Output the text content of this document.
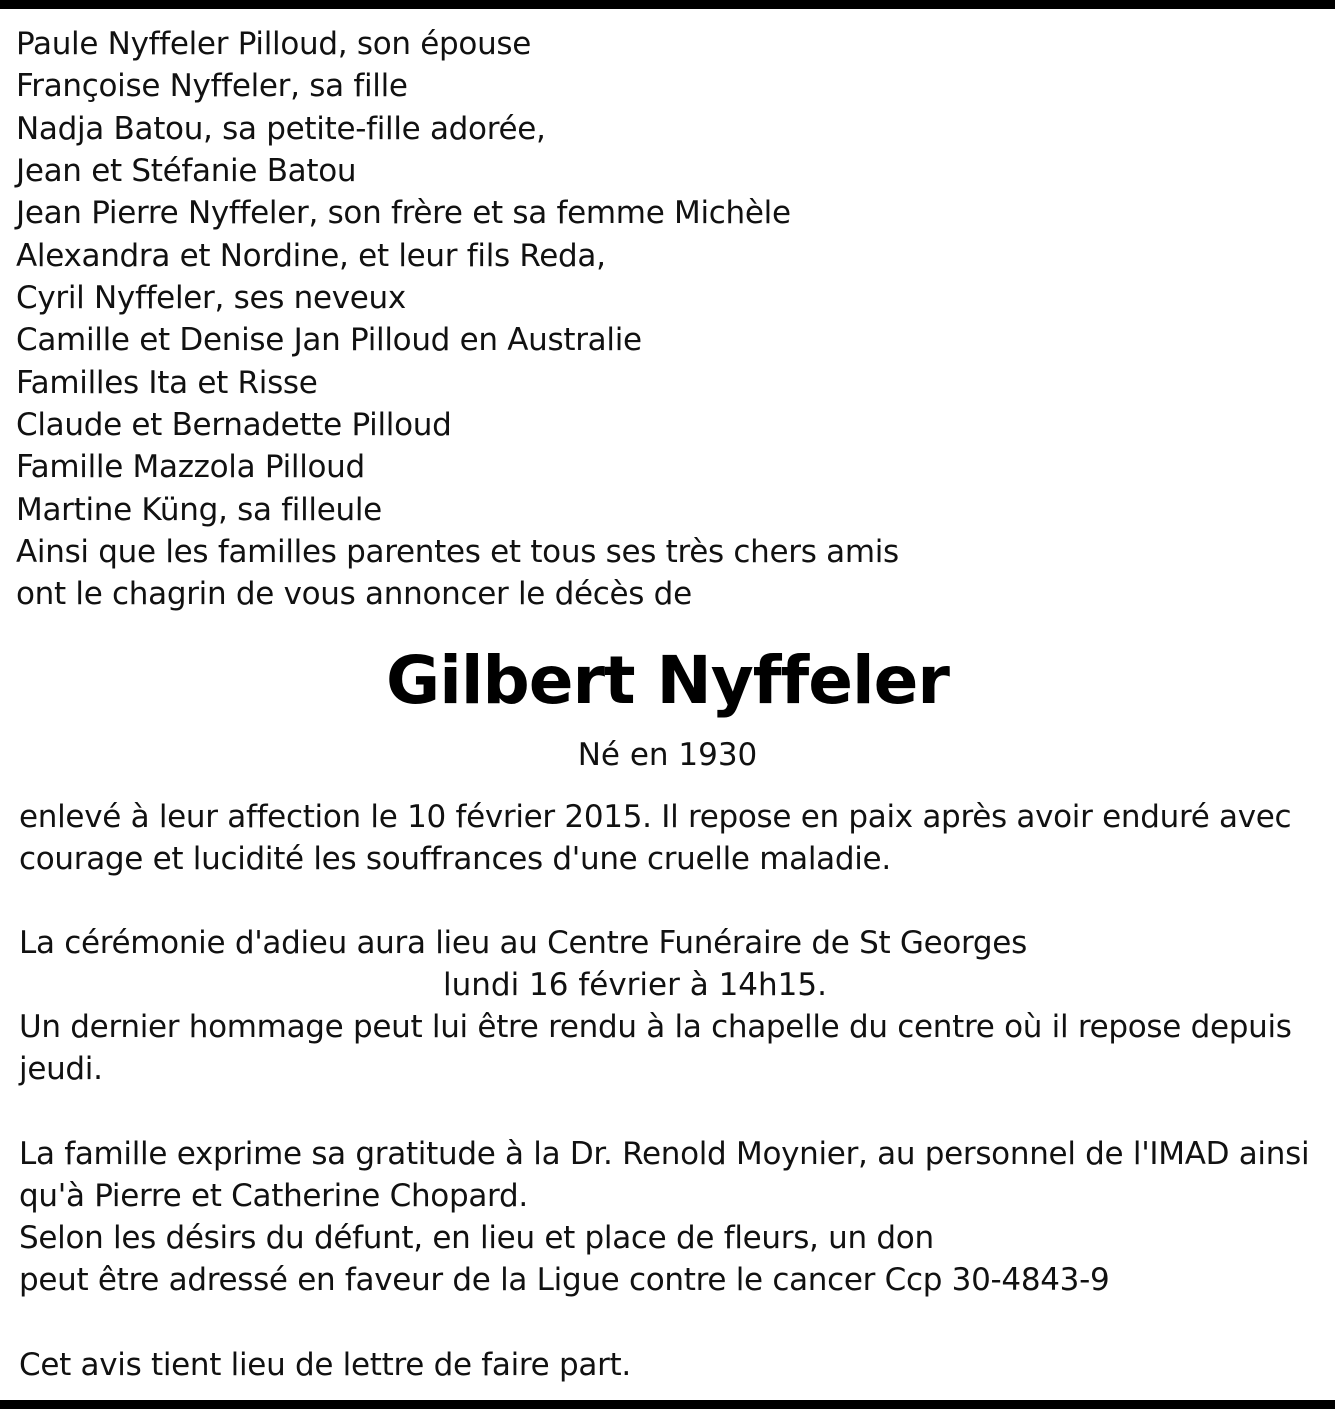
Paule Nyffeler Pilloud, son épouse
Françoise Nyffeler, sa fille
Nadja Batou, sa petite-fille adorée,
Jean et Stéfanie Batou
Jean Pierre Nyffeler, son frère et sa femme Michèle
Alexandra et Nordine, et leur fils Reda,
Cyril Nyffeler, ses neveux
Camille et Denise Jan Pilloud en Australie
Familles Ita et Risse
Claude et Bernadette Pilloud
Famille Mazzola Pilloud
Martine Küng, sa filleule
Ainsi que les familles parentes et tous ses très chers amis
ont le chagrin de vous annoncer le décès de
Gilbert Nyffeler
Né en 1930
enlevé à leur affection le 10 février 2015. Il repose en paix après avoir enduré avec
courage et lucidité les souffrances d'une cruelle maladie.
La cérémonie d'adieu aura lieu au Centre Funéraire de St Georges
lundi 16 février à 14h15.
Un dernier hommage peut lui être rendu à la chapelle du centre où il repose depuis
jeudi.
La famille exprime sa gratitude à la Dr. Renold Moynier, au personnel de l'IMAD ainsi
qu'à Pierre et Catherine Chopard.
Selon les désirs du défunt, en lieu et place de fleurs, un don
peut être adressé en faveur de la Ligue contre le cancer Ccp 30-4843-9
Cet avis tient lieu de lettre de faire part.
